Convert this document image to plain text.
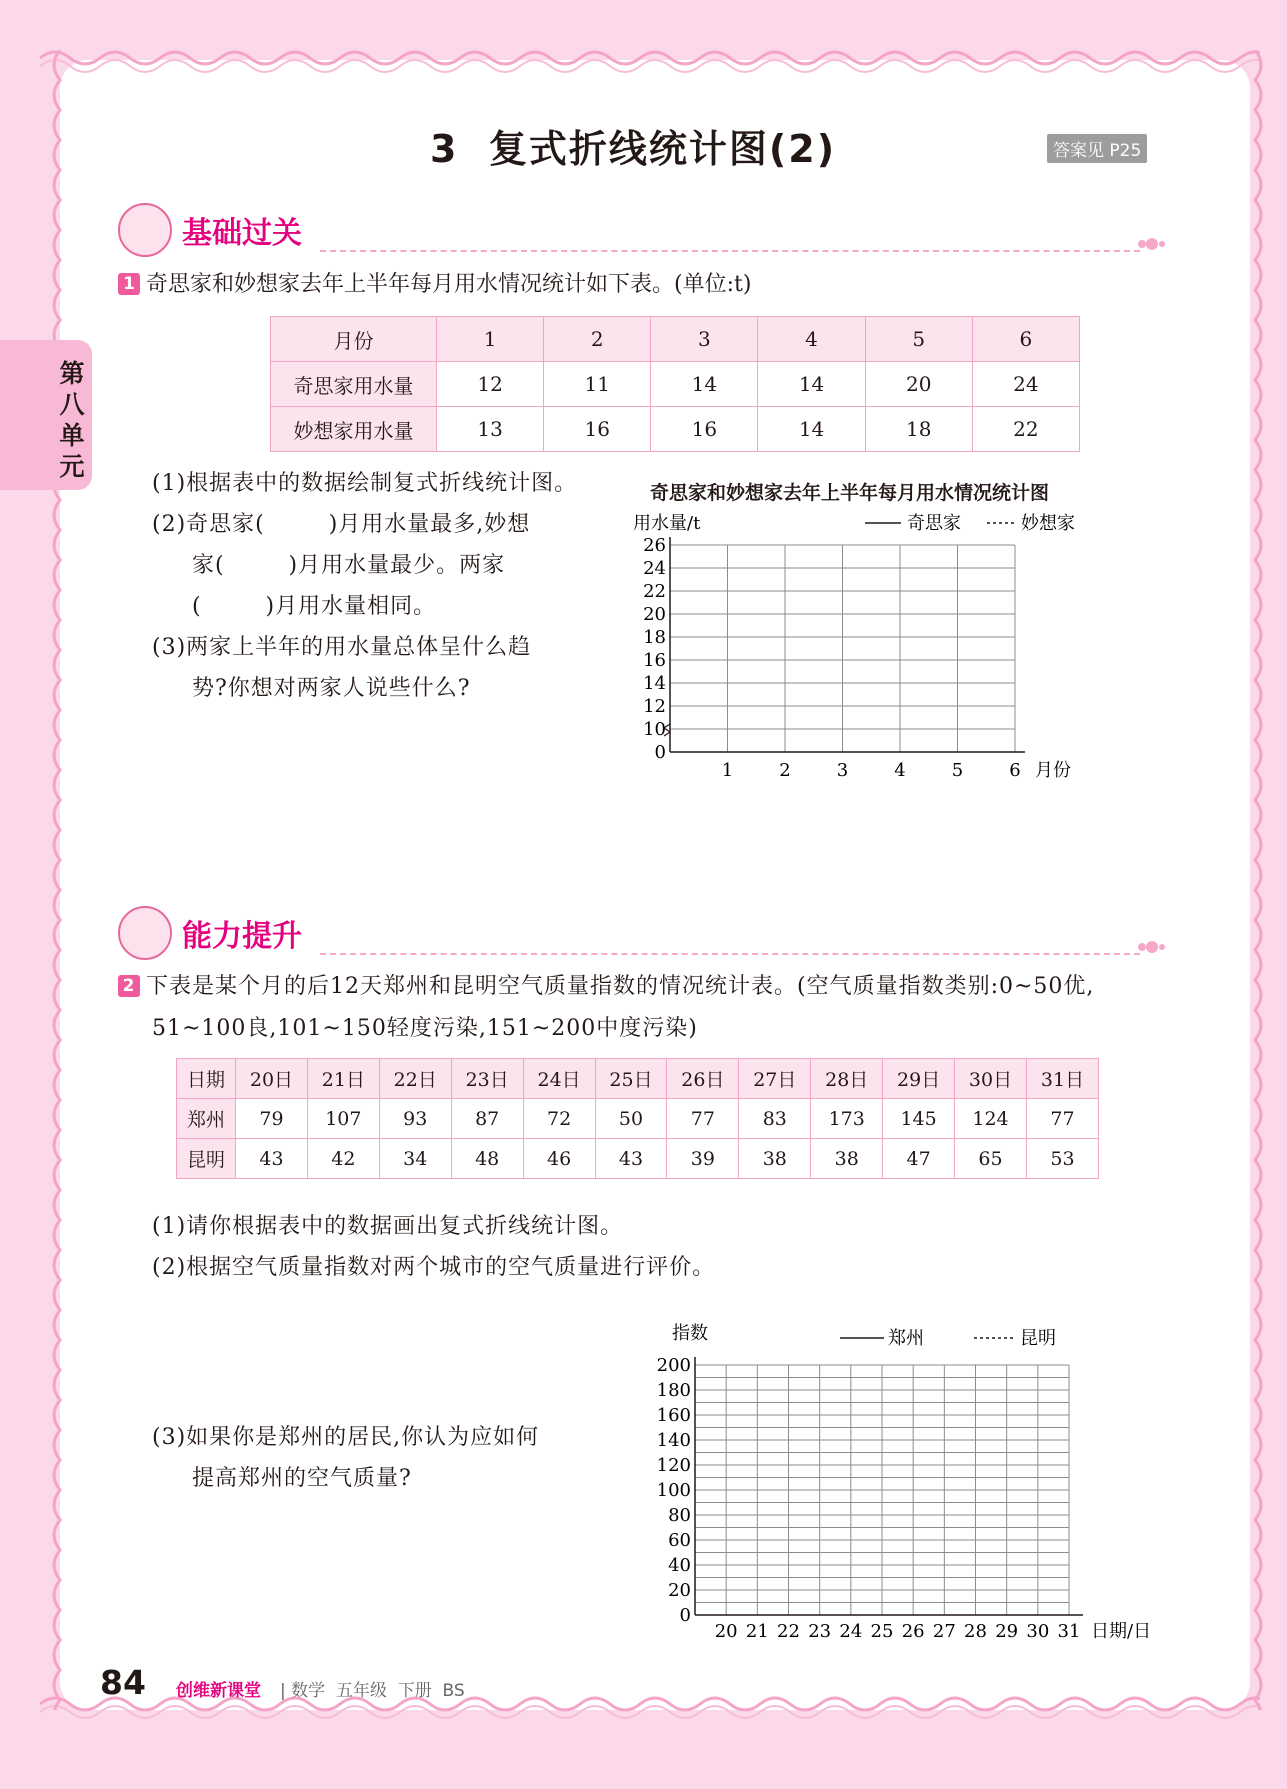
第八单元
3  复式折线统计图(2)	答案见 P25
基础过关
1 奇思家和妙想家去年上半年每月用水情况统计如下表。(单位:t)
月份	1	2	3	4	5	6
奇思家用水量	12	11	14	14	20	24
妙想家用水量	13	16	16	14	18	22
(1)根据表中的数据绘制复式折线统计图。
(2)奇思家(        )月用水量最多,妙想
家(        )月用水量最少。两家
(        )月用水量相同。
(3)两家上半年的用水量总体呈什么趋
势?你想对两家人说些什么?
奇思家和妙想家去年上半年每月用水情况统计图
0
10
12
14
16
18
20
22
24
26
1	2	3	4	5	6 月份
用水量/t	奇思家	妙想家
能力提升
2 下表是某个月的后12天郑州和昆明空气质量指数的情况统计表。(空气质量指数类别:0~50优,
51~100良,101~150轻度污染,151~200中度污染)
日期	20日	21日	22日	23日	24日	25日	26日	27日	28日	29日	30日	31日
郑州	79	107	93	87	72	50	77	83	173	145	124	77
昆明	43	42	34	48	46	43	39	38	38	47	65	53
(1)请你根据表中的数据画出复式折线统计图。
(2)根据空气质量指数对两个城市的空气质量进行评价。
(3)如果你是郑州的居民,你认为应如何
提高郑州的空气质量?
0
20
40
60
80
100
120
140
160
180
200
20 21 22 23 24 25 26 27 28 29 30 31 日期/日
指数	郑州	昆明
84 创维新课堂 | 数学  五年级  下册  BS
